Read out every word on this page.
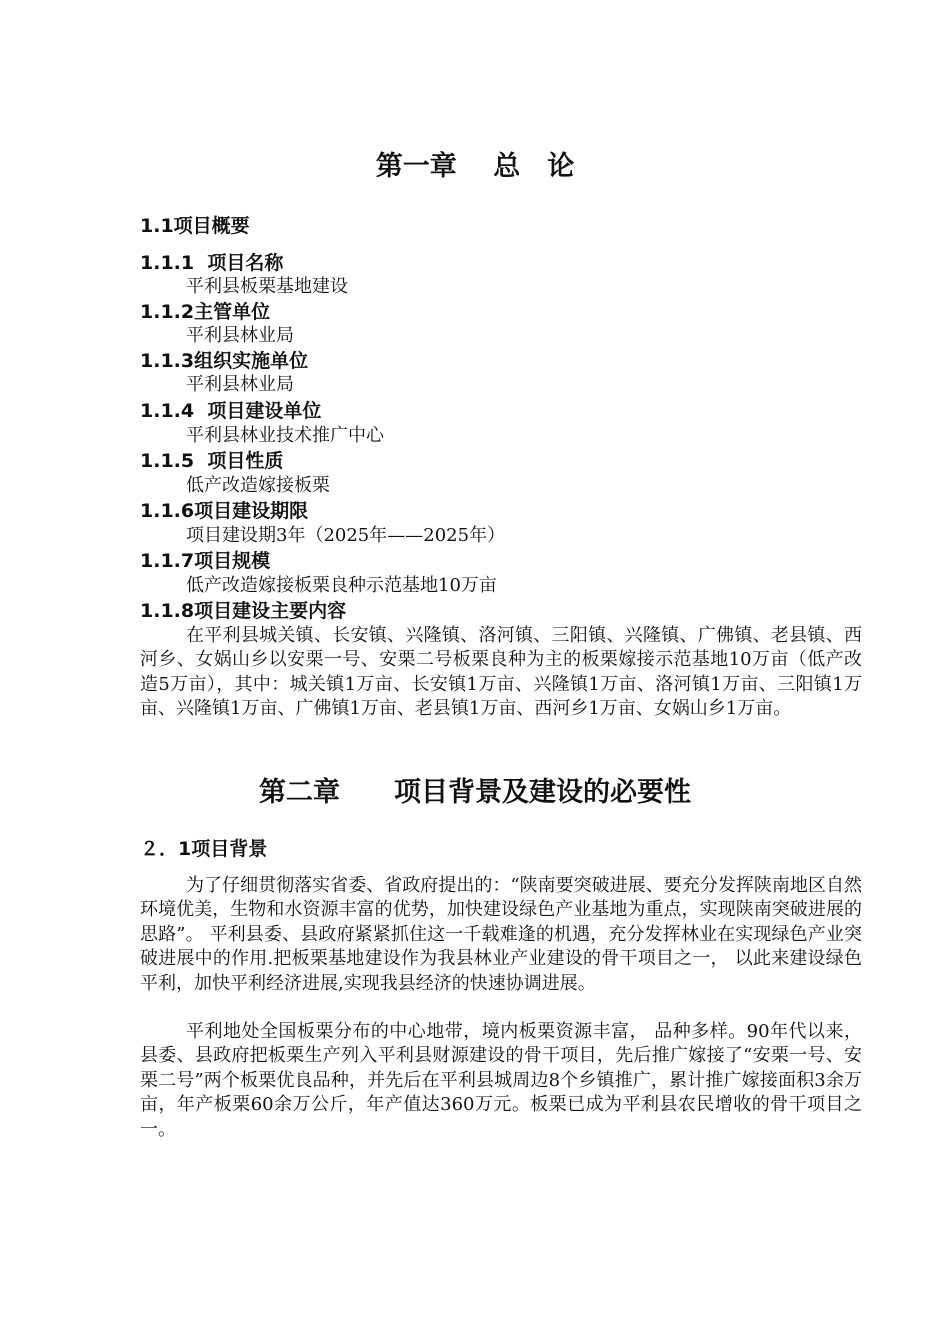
第一章　 总　论
1.1项目概要
1.1.1  项目名称
平利县板栗基地建设
1.1.2主管单位
平利县林业局
1.1.3组织实施单位
平利县林业局
1.1.4  项目建设单位
平利县林业技术推广中心
1.1.5  项目性质
低产改造嫁接板栗
1.1.6项目建设期限
项目建设期3年（2025年——2025年）
1.1.7项目规模
低产改造嫁接板栗良种示范基地10万亩
1.1.8项目建设主要内容

在平利县城关镇、长安镇、兴隆镇、洛河镇、三阳镇、兴隆镇、广佛镇、老县镇、西河乡、女娲山乡以安栗一号、安栗二号板栗良种为主的板栗嫁接示范基地10万亩（低产改造5万亩），其中：城关镇1万亩、长安镇1万亩、兴隆镇1万亩、洛河镇1万亩、三阳镇1万亩、兴隆镇1万亩、广佛镇1万亩、老县镇1万亩、西河乡1万亩、女娲山乡1万亩。

第二章　　项目背景及建设的必要性
２．1项目背景

为了仔细贯彻落实省委、省政府提出的：“陕南要突破进展、要充分发挥陕南地区自然环境优美，生物和水资源丰富的优势，加快建设绿色产业基地为重点，实现陕南突破进展的思路”。 平利县委、县政府紧紧抓住这一千载难逢的机遇，充分发挥林业在实现绿色产业突破进展中的作用.把板栗基地建设作为我县林业产业建设的骨干项目之一， 以此来建设绿色平利，加快平利经济进展,实现我县经济的快速协调进展。

平利地处全国板栗分布的中心地带，境内板栗资源丰富， 品种多样。90年代以来，县委、县政府把板栗生产列入平利县财源建设的骨干项目，先后推广嫁接了“安栗一号、安栗二号”两个板栗优良品种，并先后在平利县城周边8个乡镇推广，累计推广嫁接面积3余万亩，年产板栗60余万公斤，年产值达360万元。板栗已成为平利县农民增收的骨干项目之一。
